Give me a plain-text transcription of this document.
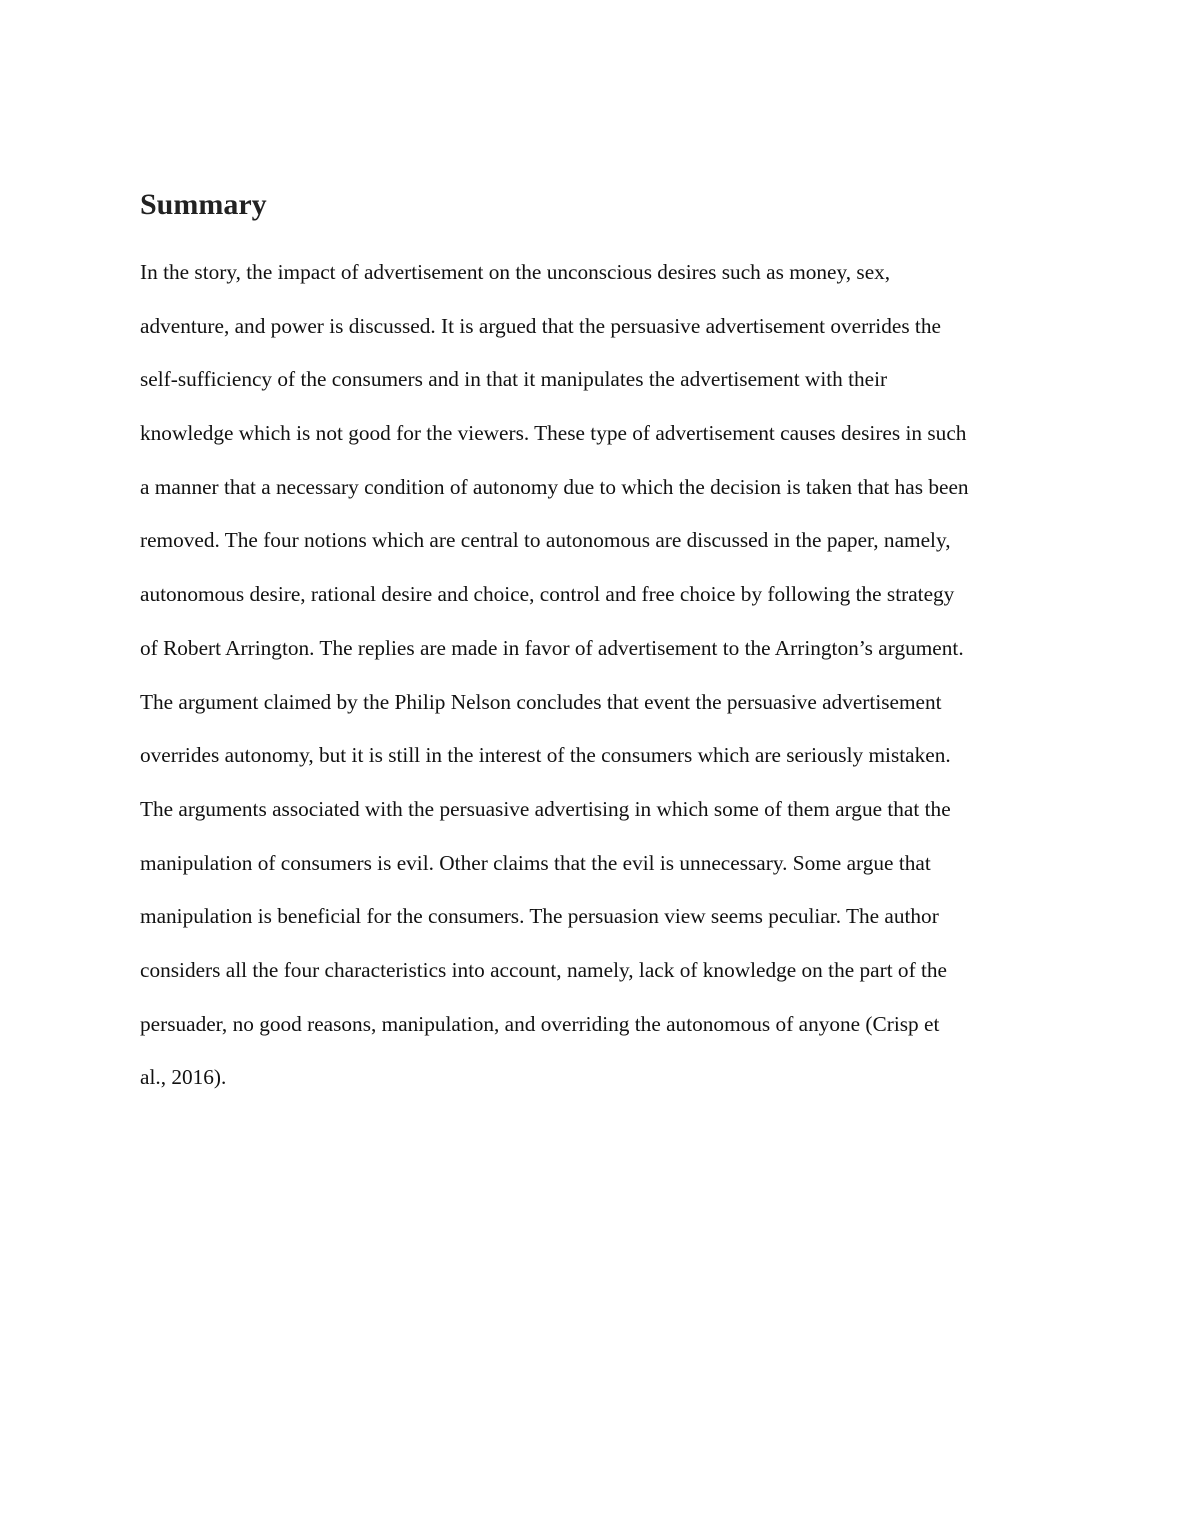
Summary
In the story, the impact of advertisement on the unconscious desires such as money, sex,
adventure, and power is discussed. It is argued that the persuasive advertisement overrides the
self-sufficiency of the consumers and in that it manipulates the advertisement with their
knowledge which is not good for the viewers. These type of advertisement causes desires in such
a manner that a necessary condition of autonomy due to which the decision is taken that has been
removed. The four notions which are central to autonomous are discussed in the paper, namely,
autonomous desire, rational desire and choice, control and free choice by following the strategy
of Robert Arrington. The replies are made in favor of advertisement to the Arrington’s argument.
The argument claimed by the Philip Nelson concludes that event the persuasive advertisement
overrides autonomy, but it is still in the interest of the consumers which are seriously mistaken.
The arguments associated with the persuasive advertising in which some of them argue that the
manipulation of consumers is evil. Other claims that the evil is unnecessary. Some argue that
manipulation is beneficial for the consumers. The persuasion view seems peculiar. The author
considers all the four characteristics into account, namely, lack of knowledge on the part of the
persuader, no good reasons, manipulation, and overriding the autonomous of anyone (Crisp et
al., 2016).
